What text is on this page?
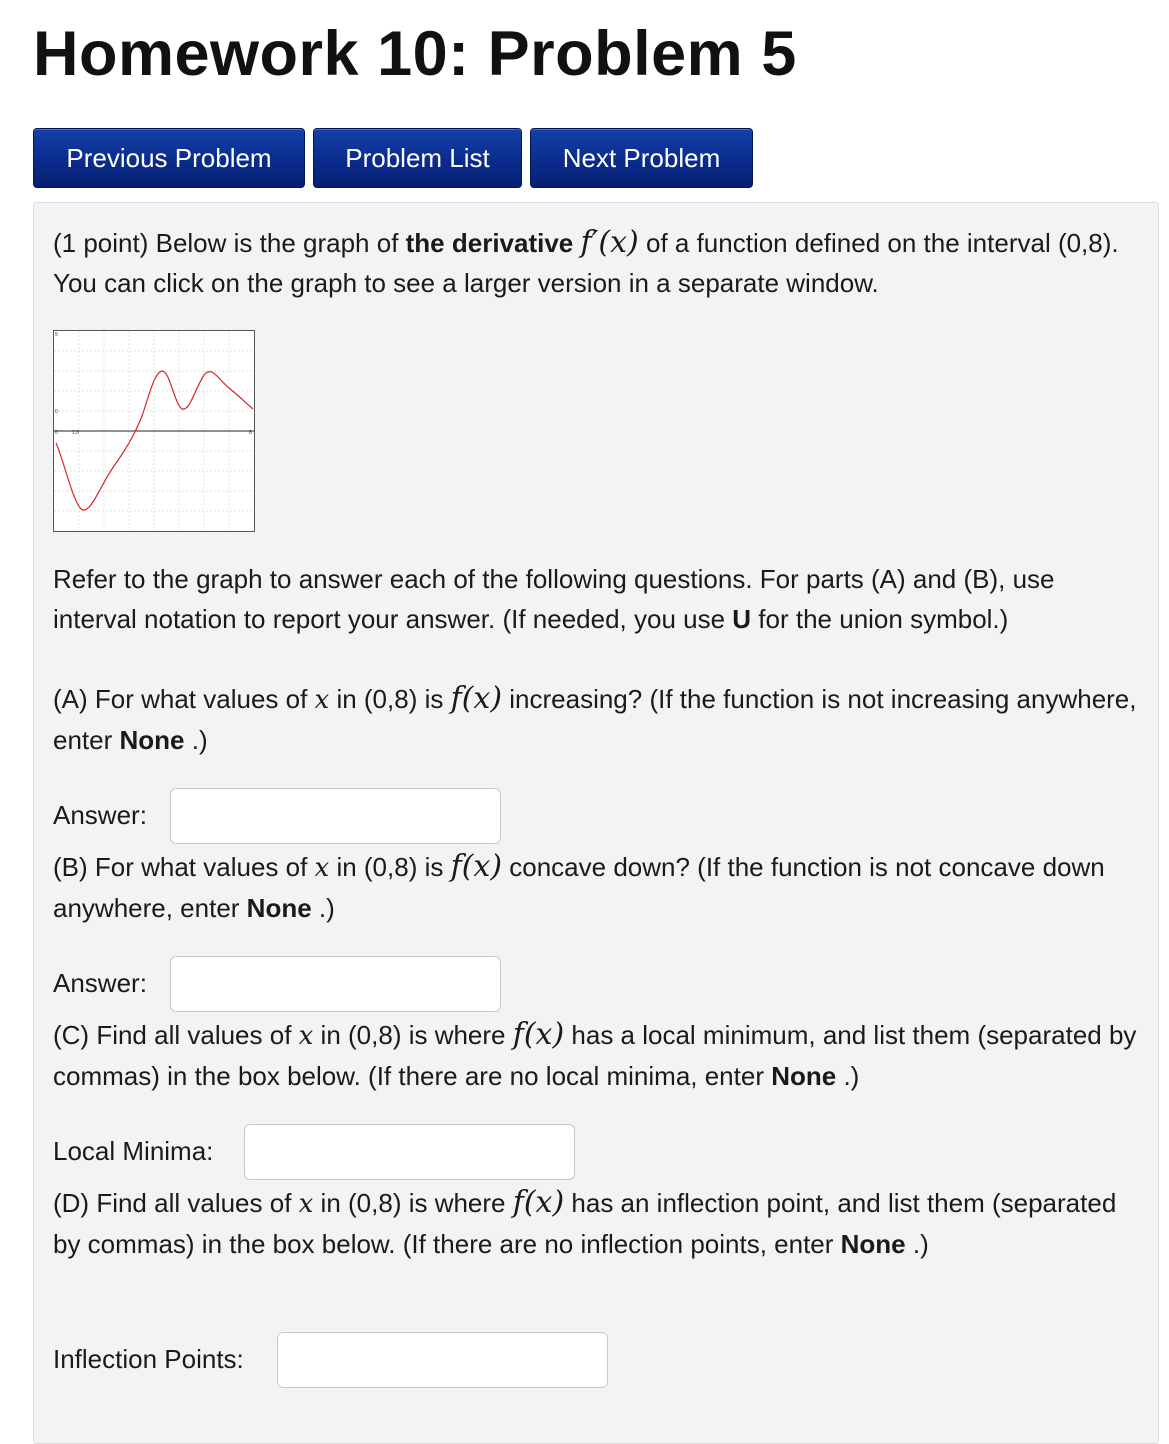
Homework 10: Problem 5
Previous Problem	Problem List	Next Problem

(1 point) Below is the graph of the derivative f′(x) of a function defined on the interval (0,8). You can click on the graph to see a larger version in a separate window.

5
0
0	1,0	8

Refer to the graph to answer each of the following questions. For parts (A) and (B), use interval notation to report your answer. (If needed, you use U for the union symbol.)

(A) For what values of x in (0,8) is f(x) increasing? (If the function is not increasing anywhere, enter None .)

Answer:

(B) For what values of x in (0,8) is f(x) concave down? (If the function is not concave down anywhere, enter None .)

Answer:

(C) Find all values of x in (0,8) is where f(x) has a local minimum, and list them (separated by commas) in the box below. (If there are no local minima, enter None .)

Local Minima:

(D) Find all values of x in (0,8) is where f(x) has an inflection point, and list them (separated by commas) in the box below. (If there are no inflection points, enter None .)

Inflection Points:
